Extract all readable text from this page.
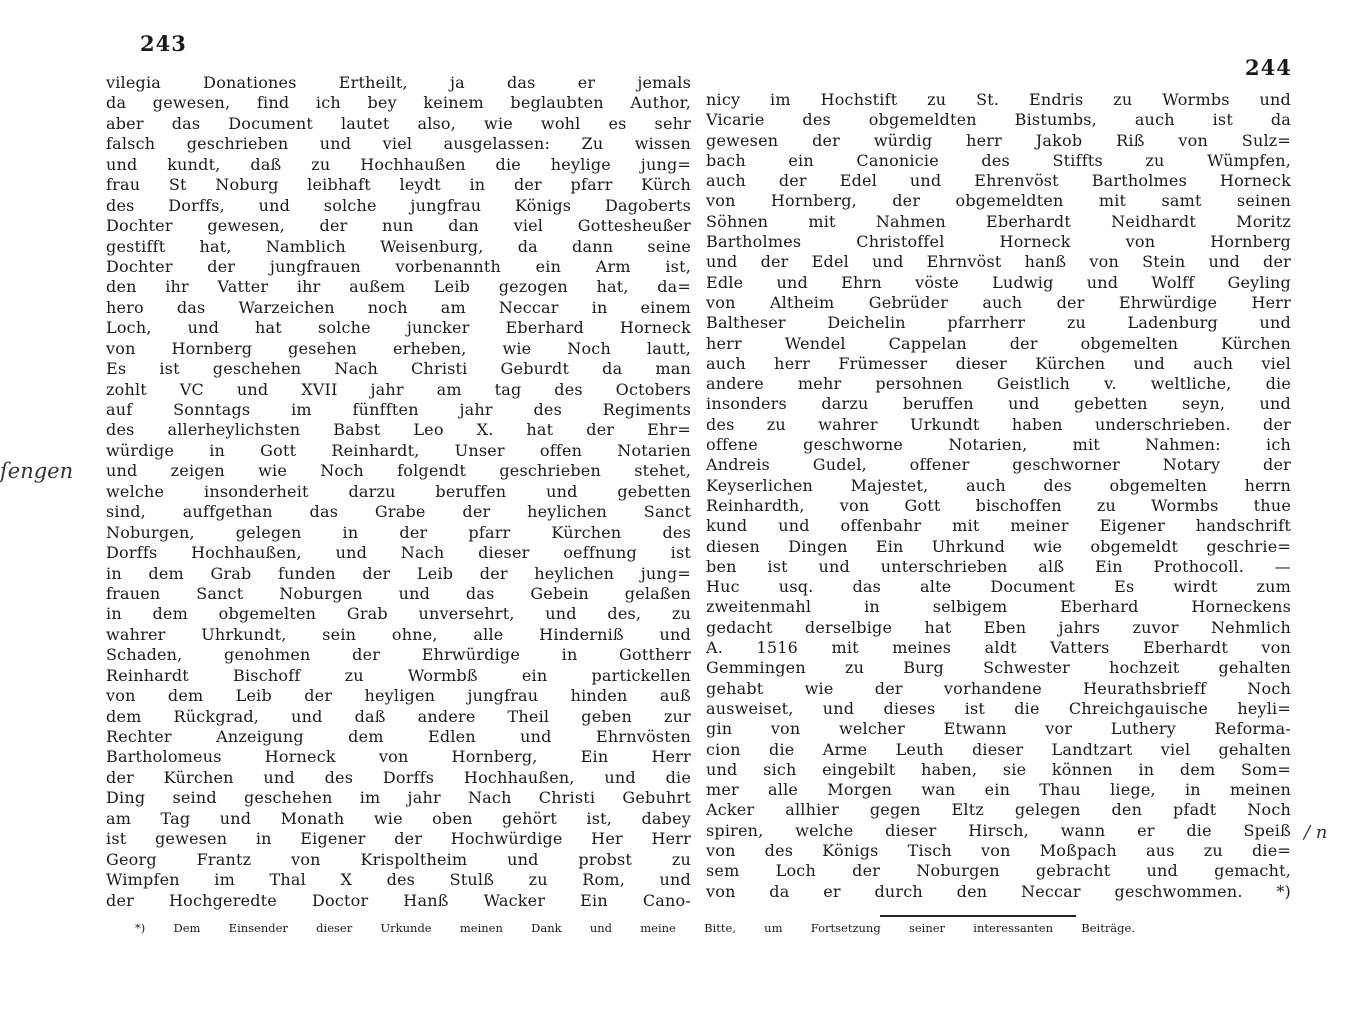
243
244
vilegia Donationes Ertheilt, ja das er jemals
da gewesen, find ich bey keinem beglaubten Author,
aber das Document lautet also, wie wohl es sehr
falsch geschrieben und viel ausgelassen: Zu wissen
und kundt, daß zu Hochhaußen die heylige jung=
frau St Noburg leibhaft leydt in der pfarr Kürch
des Dorffs, und solche jungfrau Königs Dagoberts
Dochter gewesen, der nun dan viel Gotteshеußer
gestifft hat, Namblich Weisenburg, da dann seine
Dochter der jungfrauen vorbenannth ein Arm ist,
den ihr Vatter ihr außem Leib gezogen hat, da=
hero das Warzeichen noch am Neccar in einem
Loch, und hat solche juncker Eberhard Horneck
von Hornberg gesehen erheben, wie Noch lautt,
Es ist geschehen Nach Christi Geburdt da man
zohlt VC und XVII jahr am tag des Octobers
auf Sonntags im fünfften jahr des Regiments
des allerheylichsten Babst Leo X. hat der Ehr=
würdige in Gott Reinhardt, Unser offen Notarien
und zeigen wie Noch folgendt geschrieben stehet,
welche insonderheit darzu beruffen und gebetten
sind, auffgethan das Grabe der heylichen Sanct
Noburgen, gelegen in der pfarr Kürchen des
Dorffs Hochhaußen, und Nach dieser oeffnung ist
in dem Grab funden der Leib der heylichen jung=
frauen Sanct Noburgen und das Gebein gelaßen
in dem obgemelten Grab unversehrt, und des, zu
wahrer Uhrkundt, sein ohne, alle Hinderniß und
Schaden, genohmen der Ehrwürdige in Gottherr
Reinhardt Bischoff zu Wormbß ein partickellen
von dem Leib der heyligen jungfrau hinden auß
dem Rückgrad, und daß andere Theil geben zur
Rechter Anzeigung dem Edlen und Ehrnvösten
Bartholomeus Horneck von Hornberg, Ein Herr
der Kürchen und des Dorffs Hochhaußen, und die
Ding seind geschehen im jahr Nach Christi Gebuhrt
am Tag und Monath wie oben gehört ist, dabey
ist gewesen in Eigener der Hochwürdige Her Herr
Georg Frantz von Krispoltheim und probst zu
Wimpfen im Thal X des Stulß zu Rom, und
der Hochgeredte Doctor Hanß Wacker Ein Cano-
nicy im Hochstift zu St. Endris zu Wormbs und
Vicarie des obgemeldten Bistumbs, auch ist da
gewesen der würdig herr Jakob Riß von Sulz=
bach ein Canonicie des Stiffts zu Wümpfen,
auch der Edel und Ehrenvöst Bartholmes Horneck
von Hornberg, der obgemeldten mit samt seinen
Söhnen mit Nahmen Eberhardt Neidhardt Moritz
Bartholmes Christoffel Horneck von Hornberg
und der Edel und Ehrnvöst hanß von Stein und der
Edle und Ehrn vöste Ludwig und Wolff Geyling
von Altheim Gebrüder auch der Ehrwürdige Herr
Baltheser Deichelin pfarrherr zu Ladenburg und
herr Wendel Cappelan der obgemelten Kürchen
auch herr Frümesser dieser Kürchen und auch viel
andere mehr persohnen Geistlich v. weltliche, die
insonders darzu beruffen und gebetten seyn, und
des zu wahrer Urkundt haben underschrieben. der
offene geschworne Notarien, mit Nahmen: ich
Andreis Gudel, offener geschworner Notary der
Keyserlichen Majestet, auch des obgemelten herrn
Reinhardth, von Gott bischoffen zu Wormbs thue
kund und offenbahr mit meiner Eigener handschrift
diesen Dingen Ein Uhrkund wie obgemeldt geschrie=
ben ist und unterschrieben alß Ein Prothocoll. —
Huc usq. das alte Document Es wirdt zum
zweitenmahl in selbigem Eberhard Horneckens
gedacht derselbige hat Eben jahrs zuvor Nehmlich
A. 1516 mit meines aldt Vatters Eberhardt von
Gemmingen zu Burg Schwester hochzeit gehalten
gehabt wie der vorhandene Heurathsbrieff Noch
ausweiset, und dieses ist die Chreichgauische heyli=
gin von welcher Etwann vor Luthery Reforma-
cion die Arme Leuth dieser Landtzart viel gehalten
und sich eingebilt haben, sie können in dem Som=
mer alle Morgen wan ein Thau liege, in meinen
Acker allhier gegen Eltz gelegen den pfadt Noch
spiren, welche dieser Hirsch, wann er die Speiß
von des Königs Tisch von Moßpach aus zu die=
sem Loch der Noburgen gebracht und gemacht,
von da er durch den Neccar geschwommen. *)
*) Dem Einsender dieser Urkunde meinen Dank und meine Bitte, um Fortsetzung seiner interessanten Beiträge.
ſengen
/ n
